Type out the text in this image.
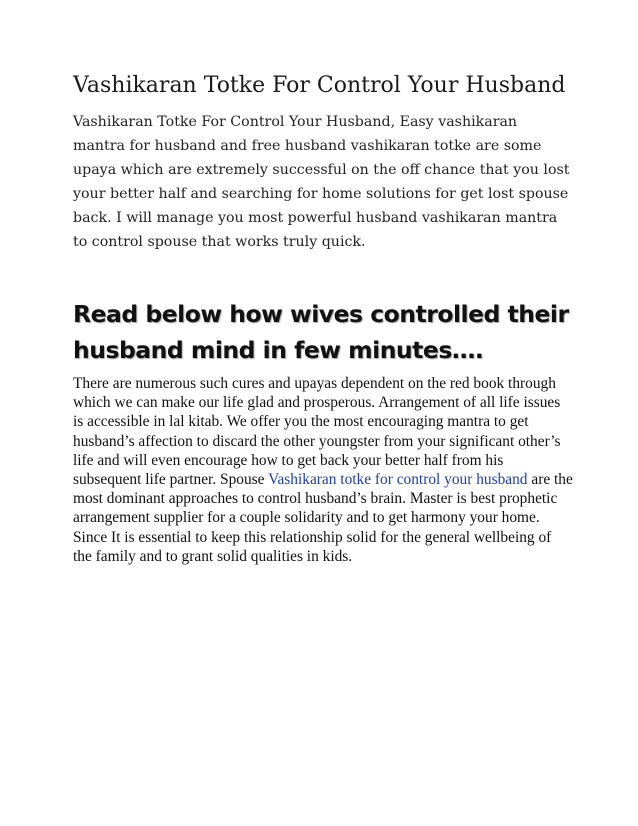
Vashikaran Totke For Control Your Husband

Vashikaran Totke For Control Your Husband, Easy vashikaran mantra for husband and free husband vashikaran totke are some upaya which are extremely successful on the off chance that you lost your better half and searching for home solutions for get lost spouse back. I will manage you most powerful husband vashikaran mantra to control spouse that works truly quick.

Read below how wives controlled their husband mind in few minutes….

There are numerous such cures and upayas dependent on the red book through which we can make our life glad and prosperous. Arrangement of all life issues is accessible in lal kitab. We offer you the most encouraging mantra to get husband’s affection to discard the other youngster from your significant other’s life and will even encourage how to get back your better half from his subsequent life partner. Spouse Vashikaran totke for control your husband are the most dominant approaches to control husband’s brain. Master is best prophetic arrangement supplier for a couple solidarity and to get harmony your home. Since It is essential to keep this relationship solid for the general wellbeing of the family and to grant solid qualities in kids.
